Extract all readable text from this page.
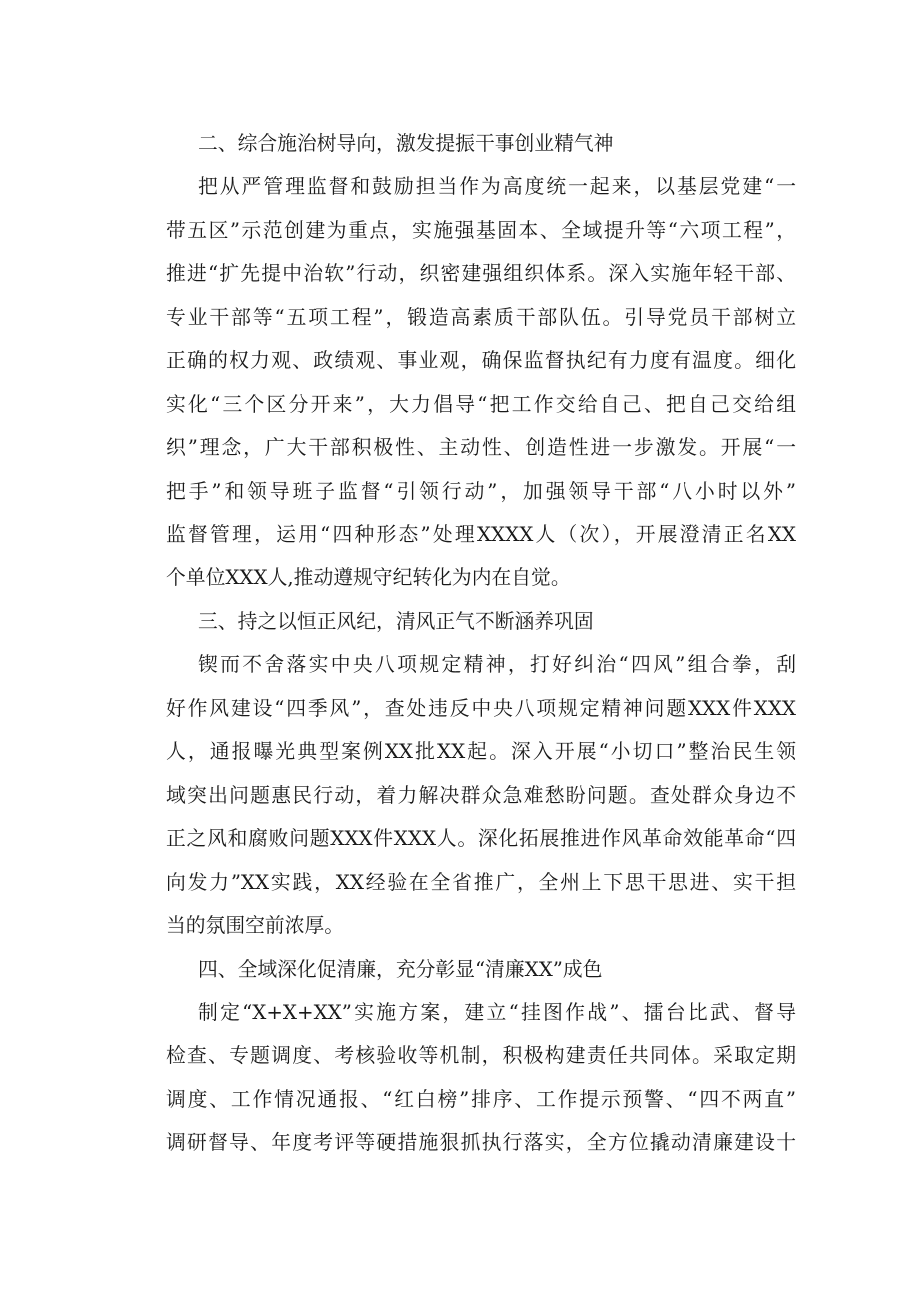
二、综合施治树导向，激发提振干事创业精气神
把从严管理监督和鼓励担当作为高度统一起来，以基层党建“一
带五区”示范创建为重点，实施强基固本、全域提升等“六项工程”，
推进“扩先提中治软”行动，织密建强组织体系。深入实施年轻干部、
专业干部等“五项工程”，锻造高素质干部队伍。引导党员干部树立
正确的权力观、政绩观、事业观，确保监督执纪有力度有温度。细化
实化“三个区分开来”，大力倡导“把工作交给自己、把自己交给组
织”理念，广大干部积极性、主动性、创造性进一步激发。开展“一
把手”和领导班子监督“引领行动”，加强领导干部“八小时以外”
监督管理，运用“四种形态”处理XXXX人（次），开展澄清正名XX
个单位XXX人,推动遵规守纪转化为内在自觉。
三、持之以恒正风纪，清风正气不断涵养巩固
锲而不舍落实中央八项规定精神，打好纠治“四风”组合拳，刮
好作风建设“四季风”，查处违反中央八项规定精神问题XXX件XXX
人，通报曝光典型案例XX批XX起。深入开展“小切口”整治民生领
域突出问题惠民行动，着力解决群众急难愁盼问题。查处群众身边不
正之风和腐败问题XXX件XXX人。深化拓展推进作风革命效能革命“四
向发力”XX实践，XX经验在全省推广，全州上下思干思进、实干担
当的氛围空前浓厚。
四、全域深化促清廉，充分彰显“清廉XX”成色
制定“X+X+XX”实施方案，建立“挂图作战”、擂台比武、督导
检查、专题调度、考核验收等机制，积极构建责任共同体。采取定期
调度、工作情况通报、“红白榜”排序、工作提示预警、“四不两直”
调研督导、年度考评等硬措施狠抓执行落实，全方位撬动清廉建设十
